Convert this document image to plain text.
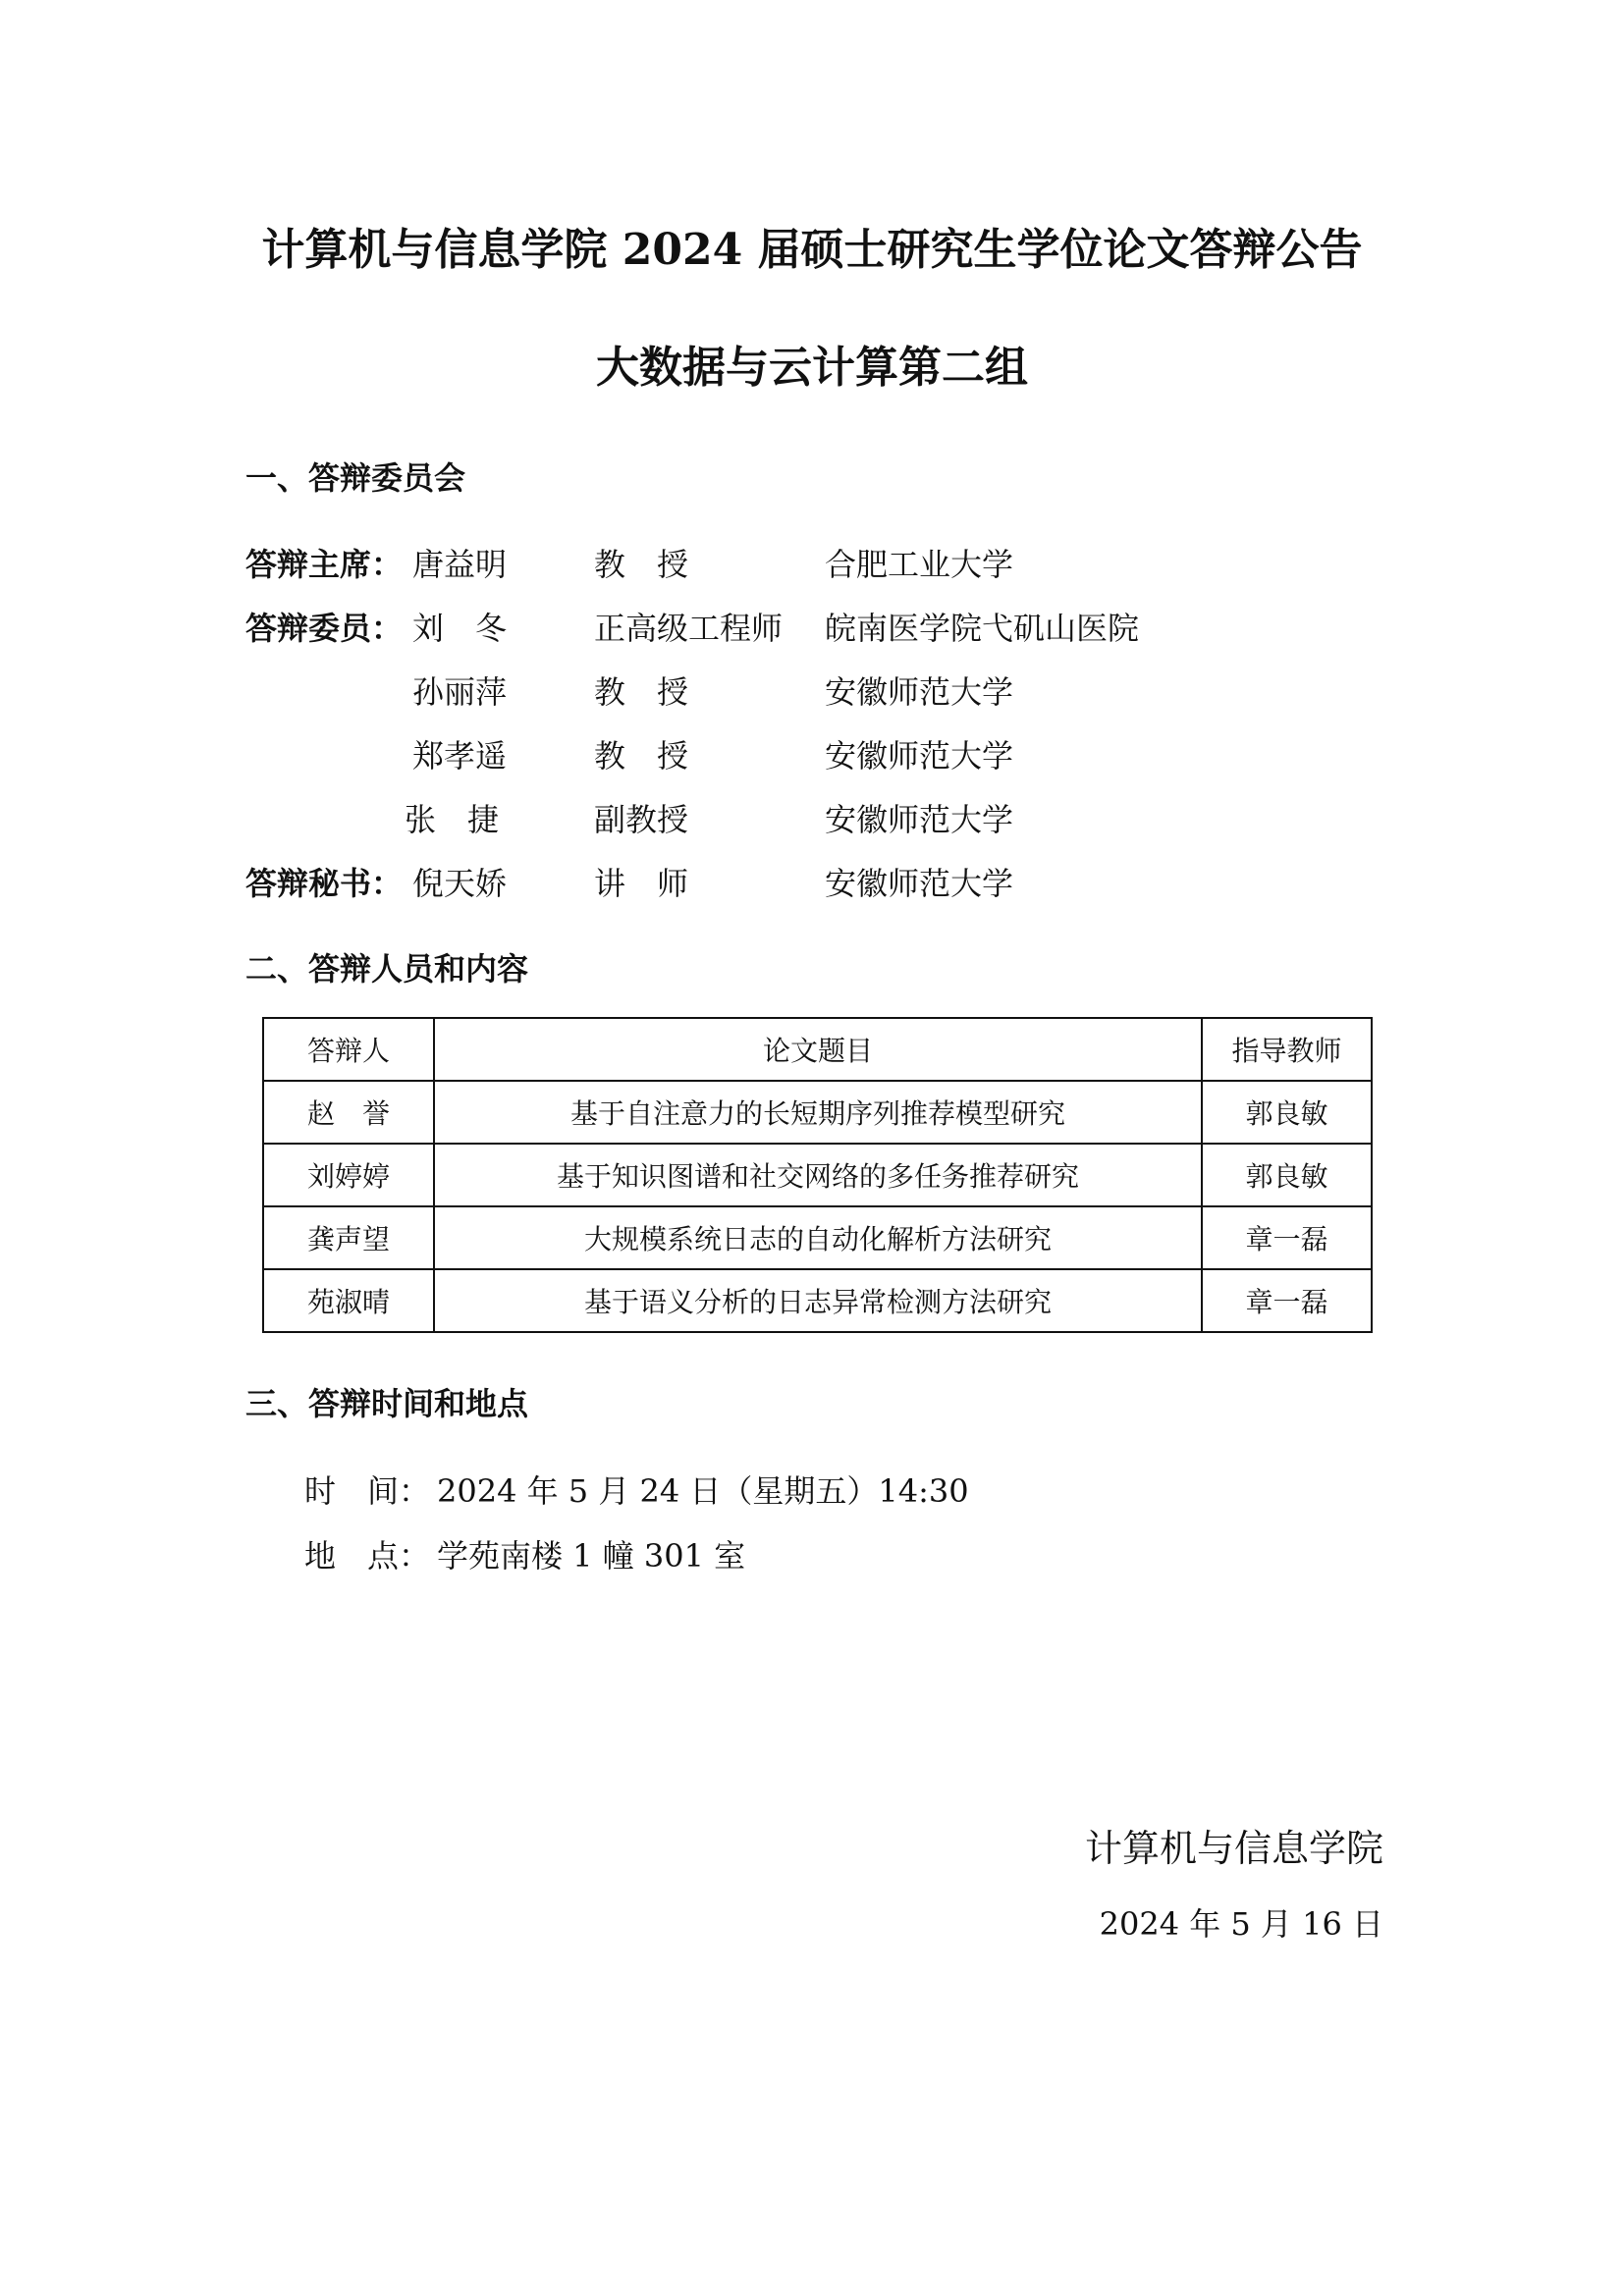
计算机与信息学院 2024 届硕士研究生学位论文答辩公告
大数据与云计算第二组
一、答辩委员会
答辩主席： 唐益明	教　授	合肥工业大学
答辩委员： 刘　冬	正高级工程师 皖南医学院弋矶山医院
孙丽萍	教　授	安徽师范大学
郑孝遥	教　授	安徽师范大学
张　捷	副教授	安徽师范大学
答辩秘书： 倪天娇	讲　师	安徽师范大学
二、答辩人员和内容
答辩人	论文题目	指导教师
赵　誉	基于自注意力的长短期序列推荐模型研究	郭良敏
刘婷婷	基于知识图谱和社交网络的多任务推荐研究	郭良敏
龚声望	大规模系统日志的自动化解析方法研究	章一磊
苑淑晴	基于语义分析的日志异常检测方法研究	章一磊
三、答辩时间和地点
时　间： 2024 年 5 月 24 日（星期五）14:30
地　点： 学苑南楼 1 幢 301 室
计算机与信息学院
2024 年 5 月 16 日
